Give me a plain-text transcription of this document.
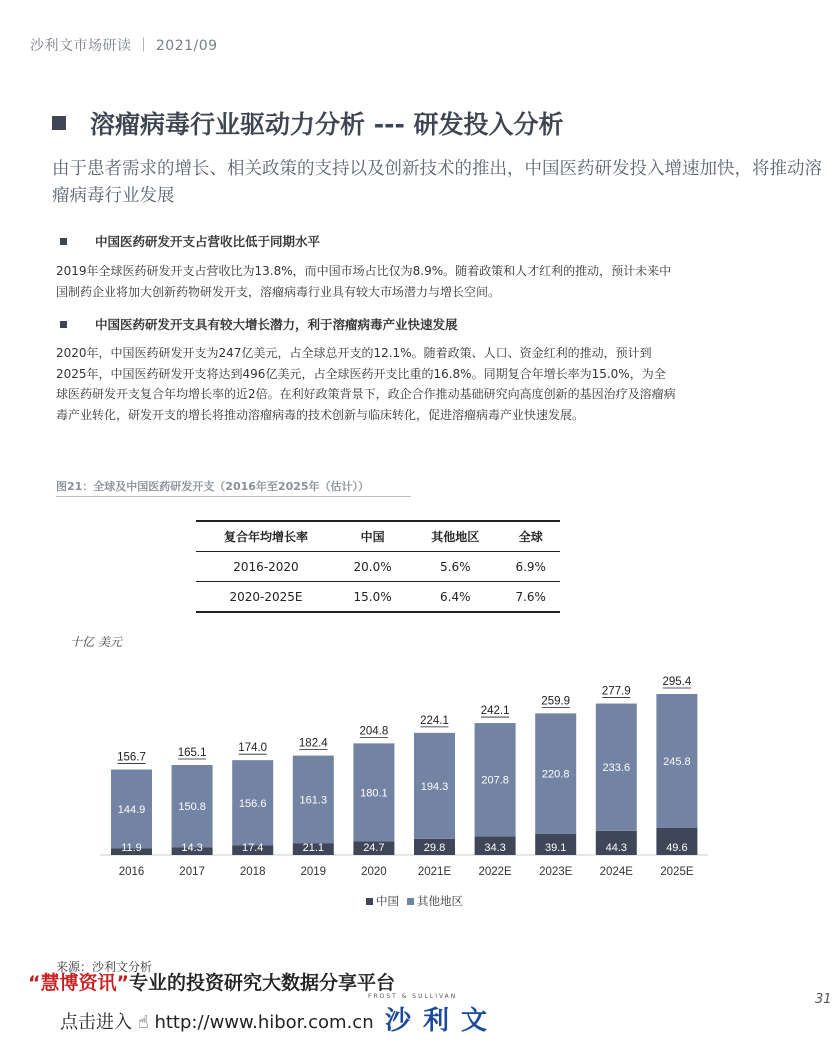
沙利文市场研读 ｜ 2021/09
溶瘤病毒行业驱动力分析 --- 研发投入分析
由于患者需求的增长、相关政策的支持以及创新技术的推出，中国医药研发投入增速加快，将推动溶瘤病毒行业发展
中国医药研发开支占营收比低于同期水平
2019年全球医药研发开支占营收比为13.8%，而中国市场占比仅为8.9%。随着政策和人才红利的推动，预计未来中国制药企业将加大创新药物研发开支，溶瘤病毒行业具有较大市场潜力与增长空间。
中国医药研发开支具有较大增长潜力，利于溶瘤病毒产业快速发展
2020年，中国医药研发开支为247亿美元，占全球总开支的12.1%。随着政策、人口、资金红利的推动，预计到2025年，中国医药研发开支将达到496亿美元，占全球医药开支比重的16.8%。同期复合年增长率为15.0%，为全球医药研发开支复合年均增长率的近2倍。在利好政策背景下，政企合作推动基础研究向高度创新的基因治疗及溶瘤病毒产业转化，研发开支的增长将推动溶瘤病毒的技术创新与临床转化，促进溶瘤病毒产业快速发展。
图21：全球及中国医药研发开支（2016年至2025年（估计））
复合年均增长率	中国	其他地区	全球
2016-2020	20.0%	5.6%	6.9%
2020-2025E	15.0%	6.4%	7.6%
十亿 美元
11.9
144.9
156.7
2016
14.3
150.8
165.1
2017
17.4
156.6
174.0
2018
21.1
161.3
182.4
2019
24.7
180.1
204.8
2020
29.8
194.3
224.1
2021E
34.3
207.8
242.1
2022E
39.1
220.8
259.9
2023E
44.3
233.6
277.9
2024E
49.6
245.8
295.4
2025E
中国 其他地区
来源：沙利文分析
“慧博资讯”专业的投资研究大数据分享平台
点击进入 ☝ http://www.hibor.com.cn
FROST & SULLIVAN
沙利文
31
